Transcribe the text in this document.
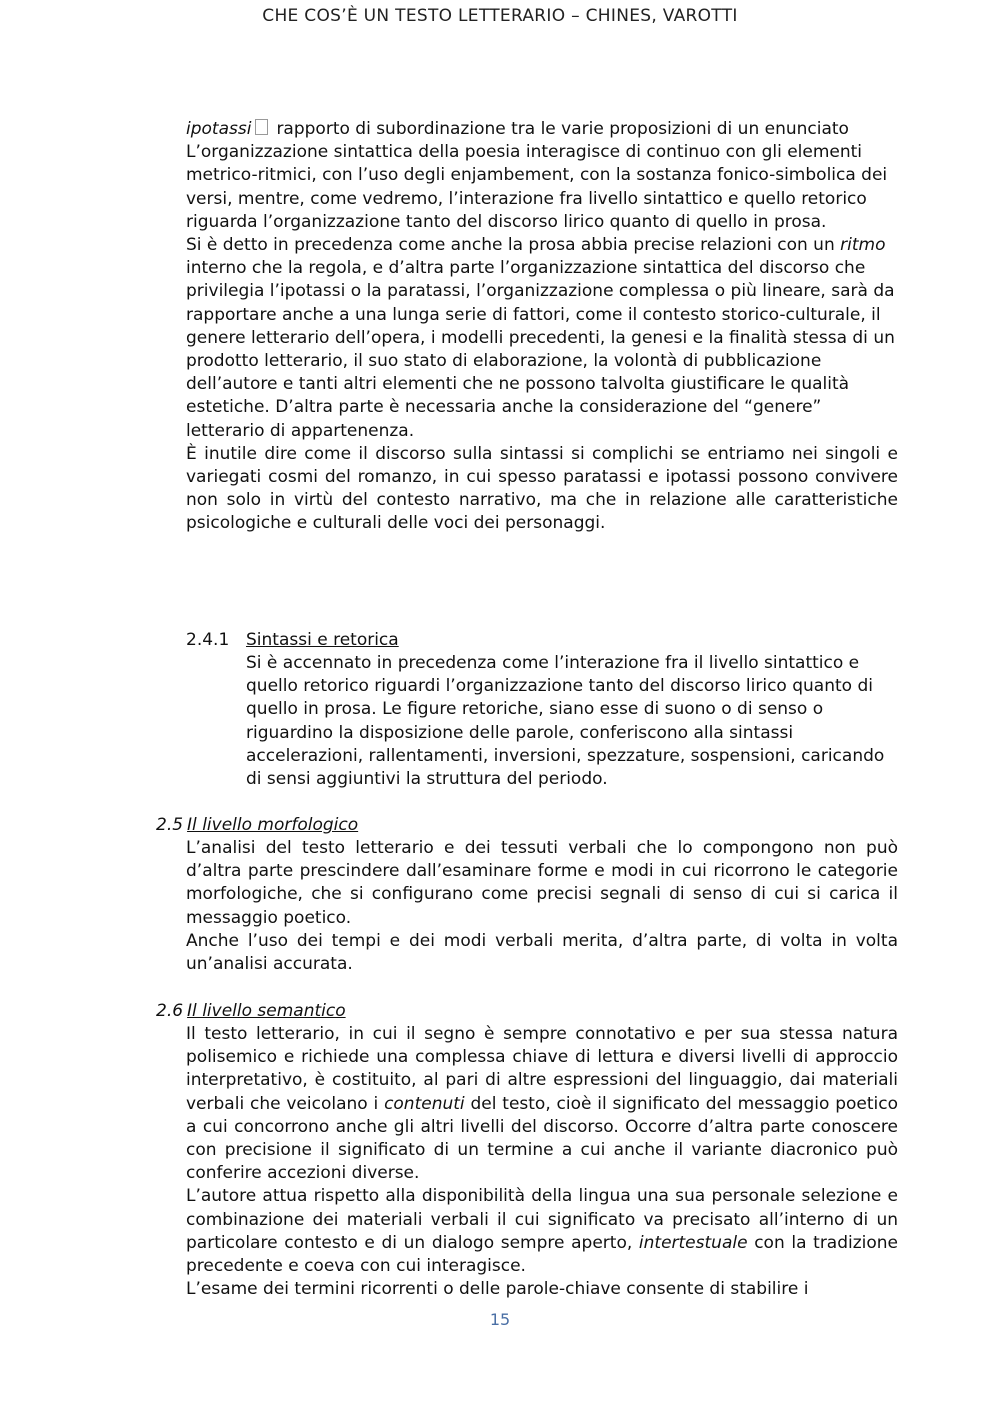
CHE COS’È UN TESTO LETTERARIO – CHINES, VAROTTI

ipotassi rapporto di subordinazione tra le varie proposizioni di un enunciato

L’organizzazione sintattica della poesia interagisce di continuo con gli elementi metrico-ritmici, con l’uso degli enjambement, con la sostanza fonico-simbolica dei versi, mentre, come vedremo, l’interazione fra livello sintattico e quello retorico riguarda l’organizzazione tanto del discorso lirico quanto di quello in prosa.

Si è detto in precedenza come anche la prosa abbia precise relazioni con un ritmo interno che la regola, e d’altra parte l’organizzazione sintattica del discorso che privilegia l’ipotassi o la paratassi, l’organizzazione complessa o più lineare, sarà da rapportare anche a una lunga serie di fattori, come il contesto storico-culturale, il genere letterario dell’opera, i modelli precedenti, la genesi e la finalità stessa di un prodotto letterario, il suo stato di elaborazione, la volontà di pubblicazione dell’autore e tanti altri elementi che ne possono talvolta giustificare le qualità estetiche. D’altra parte è necessaria anche la considerazione del “genere” letterario di appartenenza.

È inutile dire come il discorso sulla sintassi si complichi se entriamo nei singoli e variegati cosmi del romanzo, in cui spesso paratassi e ipotassi possono convivere non solo in virtù del contesto narrativo, ma che in relazione alle caratteristiche psicologiche e culturali delle voci dei personaggi.

2.4.1 Sintassi e retorica

Si è accennato in precedenza come l’interazione fra il livello sintattico e quello retorico riguardi l’organizzazione tanto del discorso lirico quanto di quello in prosa. Le figure retoriche, siano esse di suono o di senso o riguardino la disposizione delle parole, conferiscono alla sintassi accelerazioni, rallentamenti, inversioni, spezzature, sospensioni, caricando di sensi aggiuntivi la struttura del periodo.

2.5 Il livello morfologico

L’analisi del testo letterario e dei tessuti verbali che lo compongono non può d’altra parte prescindere dall’esaminare forme e modi in cui ricorrono le categorie morfologiche, che si configurano come precisi segnali di senso di cui si carica il messaggio poetico.

Anche l’uso dei tempi e dei modi verbali merita, d’altra parte, di volta in volta un’analisi accurata.

2.6 Il livello semantico

Il testo letterario, in cui il segno è sempre connotativo e per sua stessa natura polisemico e richiede una complessa chiave di lettura e diversi livelli di approccio interpretativo, è costituito, al pari di altre espressioni del linguaggio, dai materiali verbali che veicolano i contenuti del testo, cioè il significato del messaggio poetico a cui concorrono anche gli altri livelli del discorso. Occorre d’altra parte conoscere con precisione il significato di un termine a cui anche il variante diacronico può conferire accezioni diverse.

L’autore attua rispetto alla disponibilità della lingua una sua personale selezione e combinazione dei materiali verbali il cui significato va precisato all’interno di un particolare contesto e di un dialogo sempre aperto, intertestuale con la tradizione precedente e coeva con cui interagisce.

L’esame dei termini ricorrenti o delle parole-chiave consente di stabilire i

15
